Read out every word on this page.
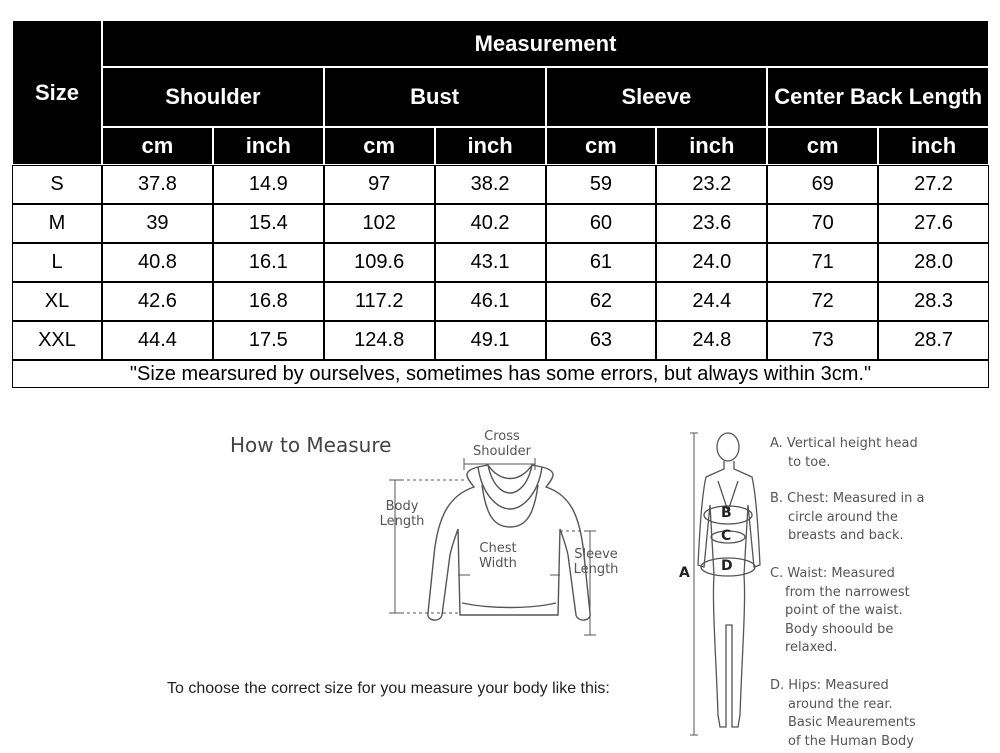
Size
Measurement
Shoulder	Bust	Sleeve	Center Back Length
cm	inch	cm	inch	cm	inch	cm	inch
S	37.8	14.9	97	38.2	59	23.2	69	27.2
M	39	15.4	102	40.2	60	23.6	70	27.6
L	40.8	16.1	109.6	43.1	61	24.0	71	28.0
XL	42.6	16.8	117.2	46.1	62	24.4	72	28.3
XXL	44.4	17.5	124.8	49.1	63	24.8	73	28.7
"Size mearsured by ourselves, sometimes has some errors, but always within 3cm."
How to Measure
To choose the correct size for you measure your body like this:
Cross
Shoulder
Body
Length
Chest
Width
Sleeve
Length	A
B
C
D
A. Vertical height head
to toe.
B. Chest: Measured in a
circle around the
breasts and back.
C. Waist: Measured
from the narrowest
point of the waist.
Body shoould be
relaxed.
D. Hips: Measured
around the rear.
Basic Meaurements
of the Human Body
